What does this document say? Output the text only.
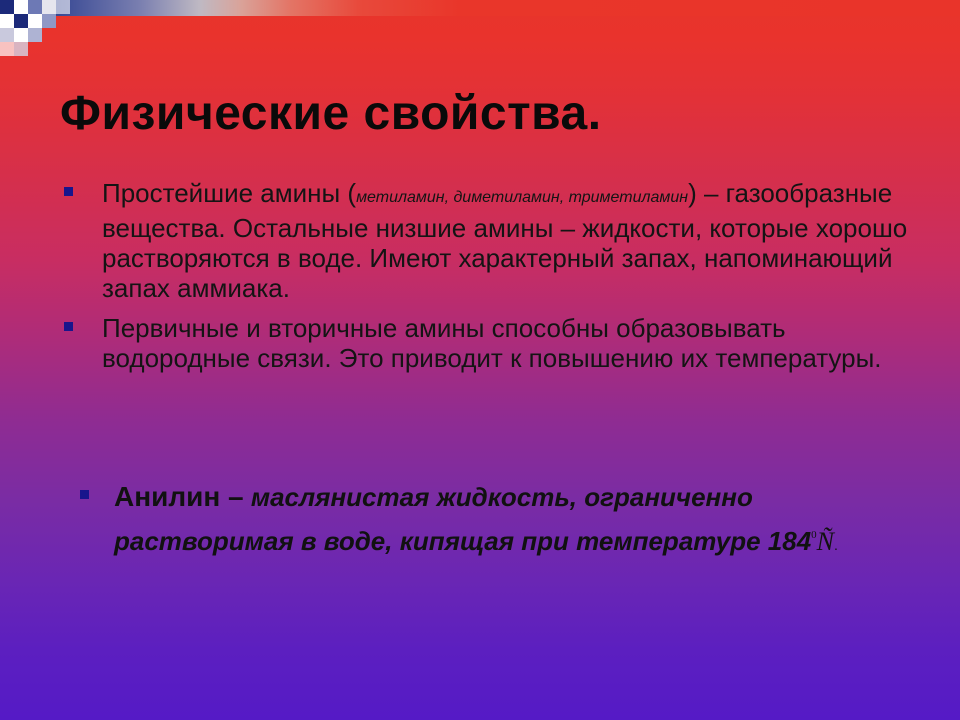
Физические свойства.
Простейшие амины (метиламин, диметиламин, триметиламин) – газообразные вещества. Остальные низшие амины – жидкости, которые хорошо растворяются в воде. Имеют характерный запах, напоминающий запах аммиака.
Первичные и вторичные амины способны образовывать водородные связи. Это приводит к повышению их температуры.
Анилин – маслянистая жидкость, ограниченно растворимая в воде, кипящая при температуре $184^0Ñ$.
